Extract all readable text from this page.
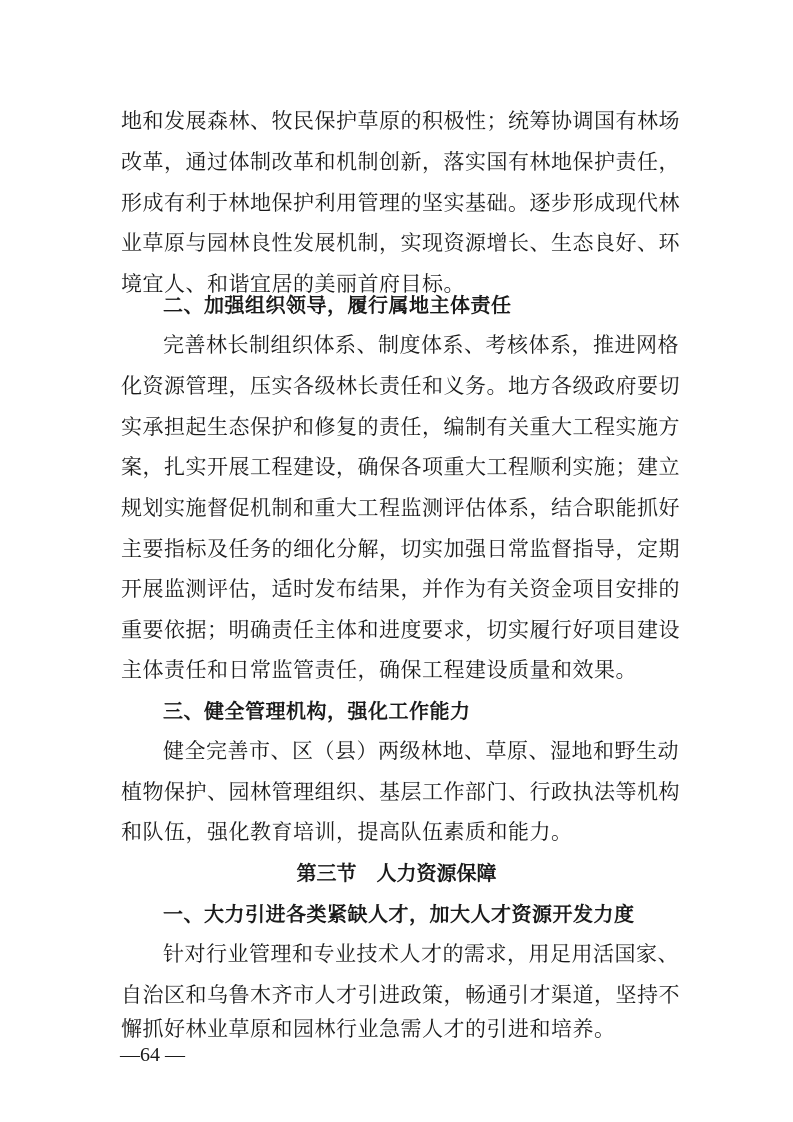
地和发展森林、牧民保护草原的积极性；统筹协调国有林场
改革，通过体制改革和机制创新，落实国有林地保护责任，
形成有利于林地保护利用管理的坚实基础。逐步形成现代林
业草原与园林良性发展机制，实现资源增长、生态良好、环
境宜人、和谐宜居的美丽首府目标。
二、加强组织领导，履行属地主体责任
完善林长制组织体系、制度体系、考核体系，推进网格
化资源管理，压实各级林长责任和义务。地方各级政府要切
实承担起生态保护和修复的责任，编制有关重大工程实施方
案，扎实开展工程建设，确保各项重大工程顺利实施；建立
规划实施督促机制和重大工程监测评估体系，结合职能抓好
主要指标及任务的细化分解，切实加强日常监督指导，定期
开展监测评估，适时发布结果，并作为有关资金项目安排的
重要依据；明确责任主体和进度要求，切实履行好项目建设
主体责任和日常监管责任，确保工程建设质量和效果。
三、健全管理机构，强化工作能力
健全完善市、区（县）两级林地、草原、湿地和野生动
植物保护、园林管理组织、基层工作部门、行政执法等机构
和队伍，强化教育培训，提高队伍素质和能力。
第三节　人力资源保障
一、大力引进各类紧缺人才，加大人才资源开发力度
针对行业管理和专业技术人才的需求，用足用活国家、
自治区和乌鲁木齐市人才引进政策，畅通引才渠道，坚持不
懈抓好林业草原和园林行业急需人才的引进和培养。
—64 —
